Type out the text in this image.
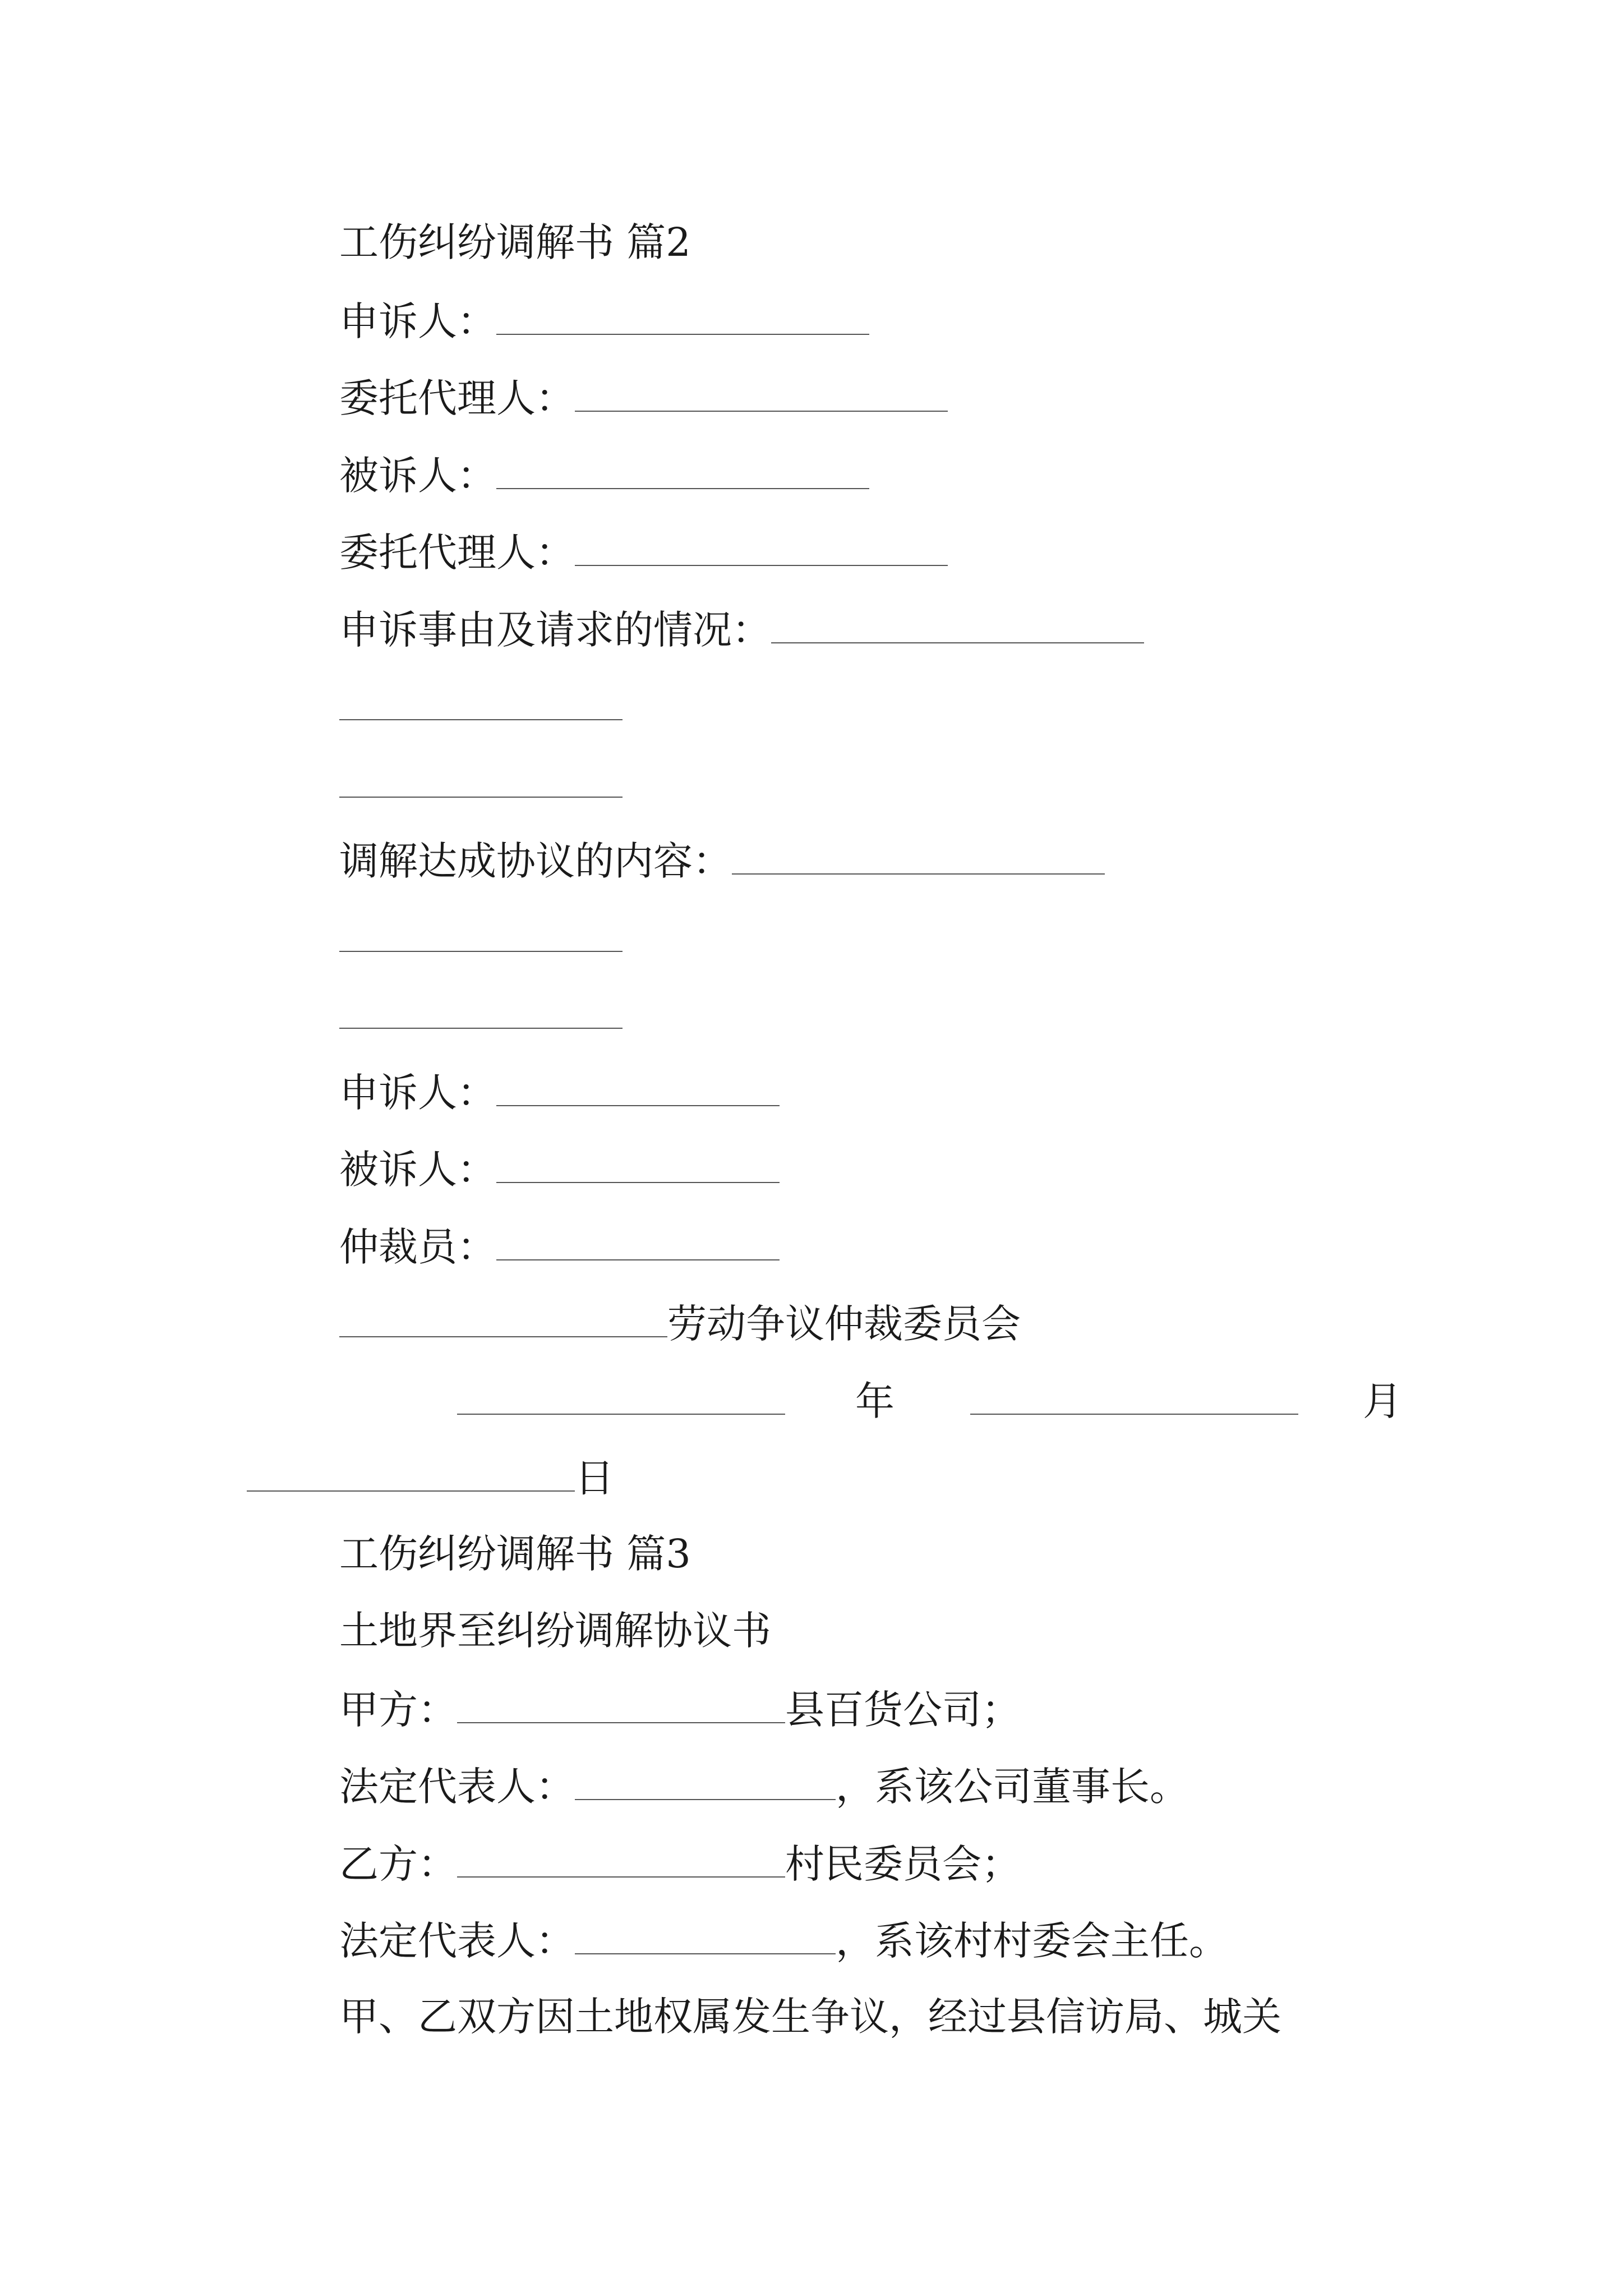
工伤纠纷调解书 篇2
申诉人：
委托代理人：
被诉人：
委托代理人：
申诉事由及请求的情况：
调解达成协议的内容：
申诉人：
被诉人：
仲裁员：
劳动争议仲裁委员会
年	月
日
工伤纠纷调解书 篇3
土地界至纠纷调解协议书
甲方：	县百货公司；
法定代表人：	，系该公司董事长。
乙方：	村民委员会；
法定代表人：	，系该村村委会主任。
甲、乙双方因土地权属发生争议，经过县信访局、城关
